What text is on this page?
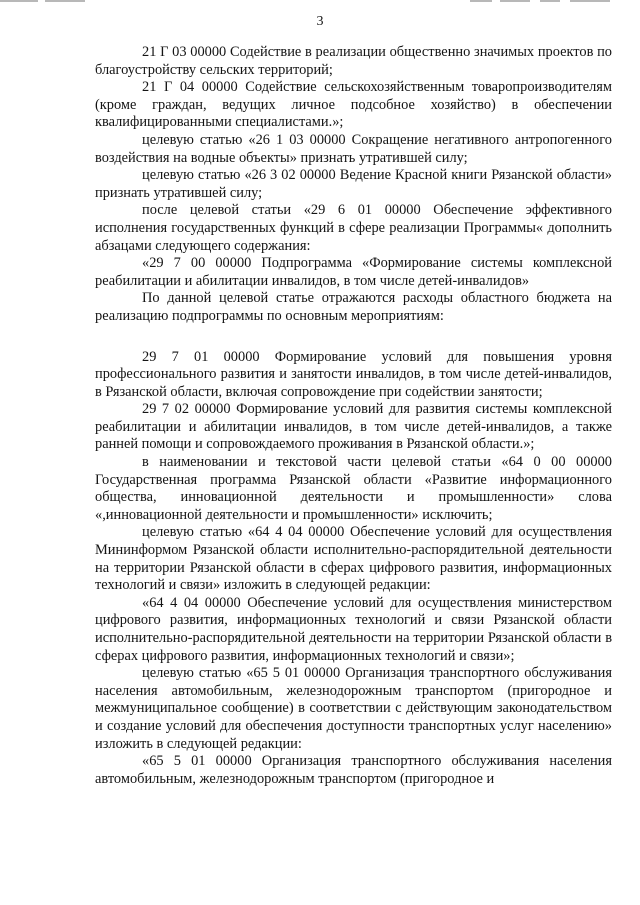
3

21 Г 03 00000 Содействие в реализации общественно значимых проектов по благоустройству сельских территорий;

21 Г 04 00000 Содействие сельскохозяйственным товаропроизводителям (кроме граждан, ведущих личное подсобное хозяйство) в обеспечении квалифицированными специалистами.»;

целевую статью «26 1 03 00000 Сокращение негативного антропогенного воздействия на водные объекты» признать утратившей силу;

целевую статью «26 3 02 00000 Ведение Красной книги Рязанской области» признать утратившей силу;

после целевой статьи «29 6 01 00000 Обеспечение эффективного исполнения государственных функций в сфере реализации Программы« дополнить абзацами следующего содержания:

«29 7 00 00000 Подпрограмма «Формирование системы комплексной реабилитации и абилитации инвалидов, в том числе детей-инвалидов»

По данной целевой статье отражаются расходы областного бюджета на реализацию подпрограммы по основным мероприятиям:

29 7 01 00000 Формирование условий для повышения уровня профессионального развития и занятости инвалидов, в том числе детей-инвалидов, в Рязанской области, включая сопровождение при содействии занятости;

29 7 02 00000 Формирование условий для развития системы комплексной реабилитации и абилитации инвалидов, в том числе детей-инвалидов, а также ранней помощи и сопровождаемого проживания в Рязанской области.»;

в наименовании и текстовой части целевой статьи «64 0 00 00000 Государственная программа Рязанской области «Развитие информационного общества, инновационной деятельности и промышленности» слова «,инновационной деятельности и промышленности» исключить;

целевую статью «64 4 04 00000 Обеспечение условий для осуществления Мининформом Рязанской области исполнительно-распорядительной деятельности на территории Рязанской области в сферах цифрового развития, информационных технологий и связи» изложить в следующей редакции:

«64 4 04 00000 Обеспечение условий для осуществления министерством цифрового развития, информационных технологий и связи Рязанской области исполнительно-распорядительной деятельности на территории Рязанской области в сферах цифрового развития, информационных технологий и связи»;

целевую статью «65 5 01 00000 Организация транспортного обслуживания населения автомобильным, железнодорожным транспортом (пригородное и межмуниципальное сообщение) в соответствии с действующим законодательством и создание условий для обеспечения доступности транспортных услуг населению» изложить в следующей редакции:

«65 5 01 00000 Организация транспортного обслуживания населения автомобильным, железнодорожным транспортом (пригородное и
